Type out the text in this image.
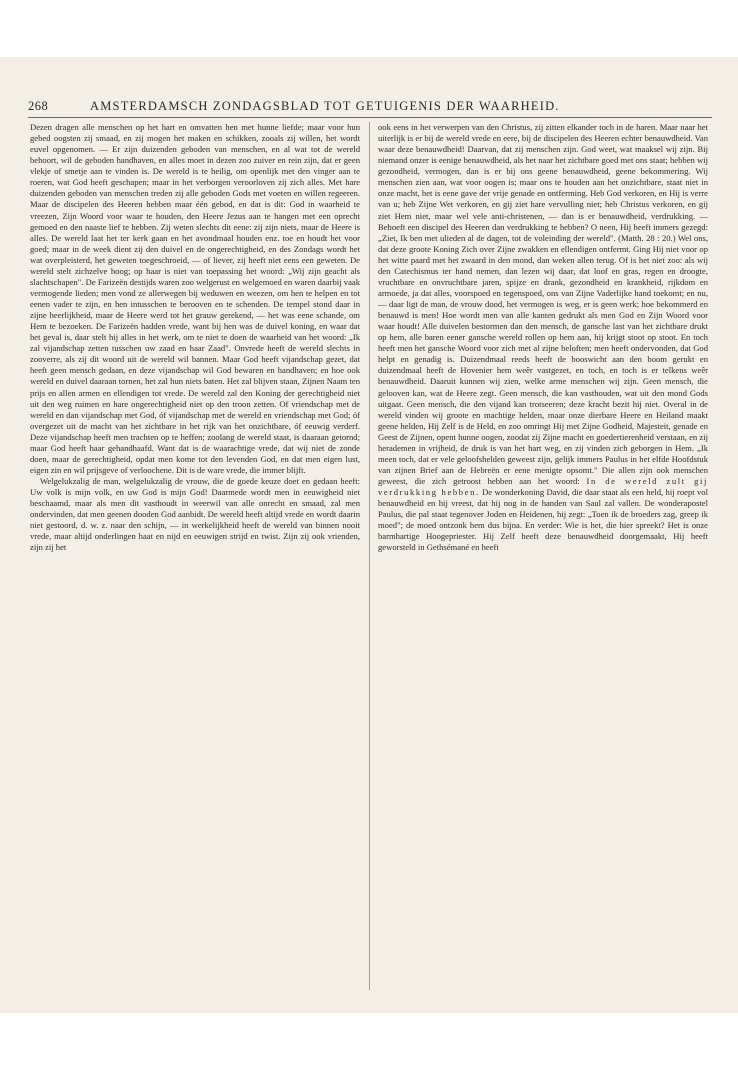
268	AMSTERDAMSCH ZONDAGSBLAD TOT GETUIGENIS DER WAARHEID.

Dezen dragen alle menschen op het hart en omvatten hen met hunne liefde; maar voor hun gebed oogsten zij smaad, en zij mogen het maken en schikken, zooals zij willen, het wordt euvel opgenomen. — Er zijn duizenden geboden van menschen, en al wat tot de wereld behoort, wil de geboden handhaven, en alles moet in dezen zoo zuiver en rein zijn, dat er geen vlekje of smetje aan te vinden is. De wereld is te heilig, om openlijk met den vinger aan te roeren, wat God heeft geschapen; maar in het verborgen veroorloven zij zich alles. Met hare duizenden geboden van menschen treden zij alle geboden Gods met voeten en willen regeeren. Maar de discipelen des Heeren hebben maar één gebod, en dat is dit: God in waarheid te vreezen, Zijn Woord voor waar te houden, den Heere Jezus aan te hangen met een oprecht gemoed en den naaste lief te hebben. Zij weten slechts dit eene: zij zijn niets, maar de Heere is alles. De wereld laat het ter kerk gaan en het avondmaal houden enz. toe en houdt het voor goed; maar in de week dient zij den duivel en de ongerechtigheid, en des Zondags wordt het wat overpleisterd, het geweten toegeschroeid, — of liever, zij heeft niet eens een geweten. De wereld stelt zichzelve hoog; op haar is niet van toepassing het woord: „Wij zijn geacht als slachtschapen". De Farizeën destijds waren zoo welgerust en welgemoed en waren daarbij vaak vermogende lieden; men vond ze allerwegen bij weduwen en weezen, om hen te helpen en tot eenen vader te zijn, en hen intusschen te berooven en te schenden. De tempel stond daar in zijne heerlijkheid, maar de Heere werd tot het grauw gerekend, — het was eene schande, om Hem te bezoeken. De Farizeën hadden vrede, want bij hen was de duivel koning, en waar dat het geval is, daar stelt hij alles in het werk, om te niet te doen de waarheid van het woord: „Ik zal vijandschap zetten tusschen uw zaad en haar Zaad". Onvrede heeft de wereld slechts in zooverre, als zij dit woord uit de wereld wil bannen. Maar God heeft vijandschap gezet, dat heeft geen mensch gedaan, en deze vijandschap wil God bewaren en handhaven; en hoe ook wereld en duivel daaraan tornen, het zal hun niets baten. Het zal blijven staan, Zijnen Naam ten prijs en allen armen en ellendigen tot vrede. De wereld zal den Koning der gerechtigheid niet uit den weg ruimen en hare ongerechtigheid niet op den troon zetten. Of vriendschap met de wereld en dan vijandschap met God, óf vijandschap met de wereld en vriendschap met God; óf overgezet uit de macht van het zichtbare in het rijk van het onzichtbare, óf eeuwig verderf. Deze vijandschap heeft men trachten op te heffen; zoolang de wereld staat, is daaraan getornd; maar God heeft haar gehandhaafd. Want dat is de waarachtige vrede, dat wij niet de zonde doen, maar de gerechtigheid, opdat men kome tot den levenden God, en dat men eigen lust, eigen zin en wil prijsgeve of verloochene. Dit is de ware vrede, die immer blijft.

Welgelukzalig de man, welgelukzalig de vrouw, die de goede keuze doet en gedaan heeft: Uw volk is mijn volk, en uw God is mijn God! Daarmede wordt men in eeuwigheid niet beschaamd, maar als men dit vasthoudt in weerwil van alle onrecht en smaad, zal men ondervinden, dat men geenen dooden God aanbidt. De wereld heeft altijd vrede en wordt daarin niet gestoord, d. w. z. naar den schijn, — in werkelijkheid heeft de wereld van binnen nooit vrede, maar altijd onderlingen haat en nijd en eeuwigen strijd en twist. Zijn zij ook vrienden, zijn zij het

ook eens in het verwerpen van den Christus, zij zitten elkander toch in de haren. Maar naar het uiterlijk is er bij de wereld vrede en eere, bij de discipelen des Heeren echter benauwdheid. Van waar deze benauwdheid! Daarvan, dat zij menschen zijn. God weet, wat maaksel wij zijn. Bij niemand onzer is eenige benauwdheid, als het naar het zichtbare goed met ons staat; hebben wij gezondheid, vermogen, dan is er bij ons geene benauwdheid, geene bekommering. Wij menschen zien aan, wat voor oogen is; maar ons te houden aan het onzichtbare, staat niet in onze macht, het is eene gave der vrije genade en ontferming. Heb God verkoren, en Hij is verre van u; heb Zijne Wet verkoren, en gij ziet hare vervulling niet; heb Christus verkoren, en gij ziet Hem niet, maar wel vele anti-christenen, — dan is er benauwdheid, verdrukking. — Behoeft een discipel des Heeren dan verdrukking te hebben? O neen, Hij heeft immers gezegd: „Ziet, Ik ben met ulieden al de dagen, tot de voleinding der wereld". (Matth. 28 : 20.) Wel ons, dat deze groote Koning Zich over Zijne zwakken en ellendigen ontfermt. Ging Hij niet voor op het witte paard met het zwaard in den mond, dan weken allen terug. Of is het niet zoo: als wij den Catechismus ter hand nemen, dan lezen wij daar, dat loof en gras, regen en droogte, vruchtbare en onvruchtbare jaren, spijze en drank, gezondheid en krankheid, rijkdom en armoede, ja dat alles, voorspoed en tegenspoed, ons van Zijne Vaderlijke hand toekomt; en nu, — daar ligt de man, de vrouw dood, het vermogen is weg, er is geen werk; hoe bekommerd en benauwd is men! Hoe wordt men van alle kanten gedrukt als men God en Zijn Woord voor waar houdt! Alle duivelen bestormen dan den mensch, de gansche last van het zichtbare drukt op hem, alle baren eener gansche wereld rollen op hem aan, hij krijgt stoot op stoot. En toch heeft men het gansche Woord voor zich met al zijne beloften; men heeft ondervonden, dat God helpt en genadig is. Duizendmaal reeds heeft de booswicht aan den boom gerukt en duizendmaal heeft de Hovenier hem weêr vastgezet, en toch, en toch is er telkens weêr benauwdheid. Daaruit kunnen wij zien, welke arme menschen wij zijn. Geen mensch, die gelooven kan, wat de Heere zegt. Geen mensch, die kan vasthouden, wat uit den mond Gods uitgaat. Geen mensch, die den vijand kan trotseeren; deze kracht bezit hij niet. Overal in de wereld vinden wij groote en machtige helden, maar onze dierbare Heere en Heiland maakt geene helden, Hij Zelf is de Held, en zoo omringt Hij met Zijne Godheid, Majesteit, genade en Geest de Zijnen, opent hunne oogen, zoodat zij Zijne macht en goedertierenheid verstaan, en zij herademen in vrijheid, de druk is van het hart weg, en zij vinden zich geborgen in Hem. „Ik meen toch, dat er vele geloofshelden geweest zijn, gelijk immers Paulus in het elfde Hoofdstuk van zijnen Brief aan de Hebreën er eene menigte opsomt." Die allen zijn ook menschen geweest, die zich getroost hebben aan het woord: In de wereld zult gij verdrukking hebben. De wonderkoning David, die daar staat als een held, hij roept vol benauwdheid en hij vreest, dat hij nog in de handen van Saul zal vallen. De wonderapostel Paulus, die pal staat tegenover Joden en Heidenen, hij zegt: „Toen ik de broeders zag, greep ik moed"; de moed ontzonk hem dus bijna. En verder: Wie is het, die hier spreekt? Het is onze barmhartige Hoogepriester. Hij Zelf heeft deze benauwdheid doorgemaakt, Hij heeft geworsteld in Gethsémané en heeft
